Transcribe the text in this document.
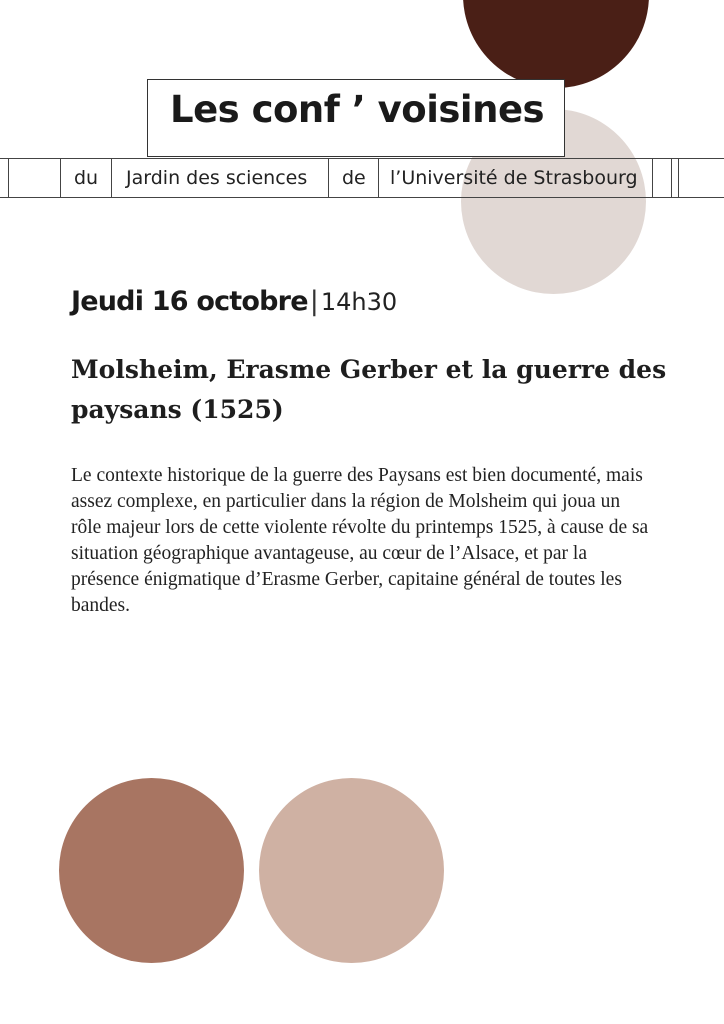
Les conf ’ voisines
du Jardin des sciences de l’Université de Strasbourg
Jeudi 16 octobre|14h30
Molsheim, Erasme Gerber et la guerre des paysans (1525)

Le contexte historique de la guerre des Paysans est bien documenté, mais assez complexe, en particulier dans la région de Molsheim qui joua un rôle majeur lors de cette violente révolte du printemps 1525, à cause de sa situation géographique avantageuse, au cœur de l’Alsace, et par la présence énigmatique d’Erasme Gerber, capitaine général de toutes les bandes.
